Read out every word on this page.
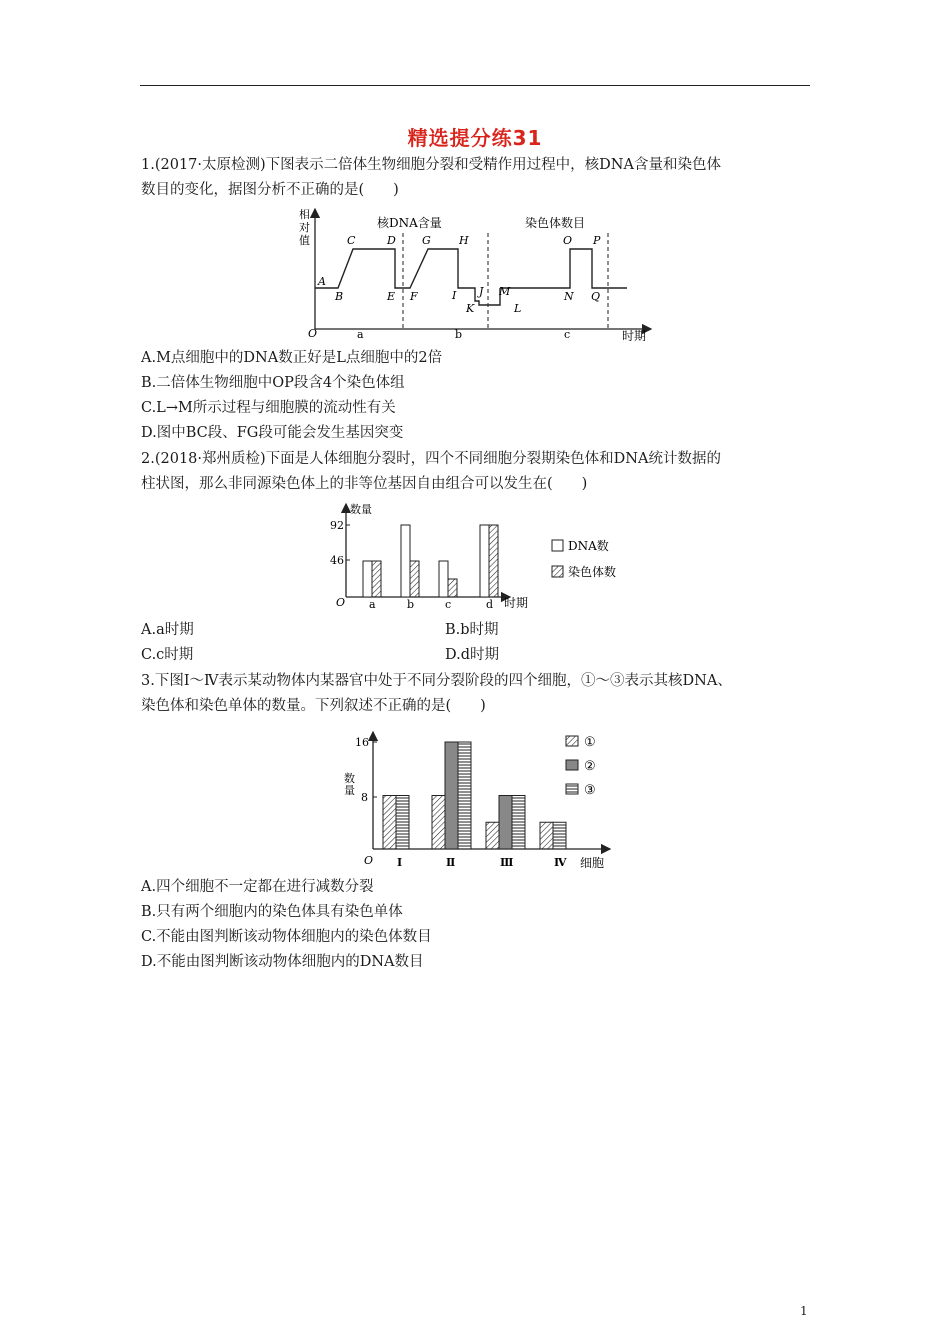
精选提分练31
1.(2017·太原检测)下图表示二倍体生物细胞分裂和受精作用过程中，核DNA含量和染色体
数目的变化，据图分析不正确的是(　　)
相
对
值
O	时期
核DNA含量	染色体数目
A
B
C	D
E F
G	H
I J
K
M
L
O P
N Q
a	b	c
A.M点细胞中的DNA数正好是L点细胞中的2倍
B.二倍体生物细胞中OP段含4个染色体组
C.L→M所示过程与细胞膜的流动性有关
D.图中BC段、FG段可能会发生基因突变
2.(2018·郑州质检)下面是人体细胞分裂时，四个不同细胞分裂期染色体和DNA统计数据的
柱状图，那么非同源染色体上的非等位基因自由组合可以发生在(　　)
数量
O	时期
46
92
a	b	c	d
DNA数
染色体数
A.a时期	B.b时期
C.c时期	D.d时期
3.下图Ⅰ～Ⅳ表示某动物体内某器官中处于不同分裂阶段的四个细胞，①～③表示其核DNA、
染色体和染色单体的数量。下列叙述不正确的是(　　)
数
量
16
8
O	细胞
Ⅰ	Ⅱ	Ⅲ	Ⅳ
①
②
③
A.四个细胞不一定都在进行减数分裂
B.只有两个细胞内的染色体具有染色单体
C.不能由图判断该动物体细胞内的染色体数目
D.不能由图判断该动物体细胞内的DNA数目
1
